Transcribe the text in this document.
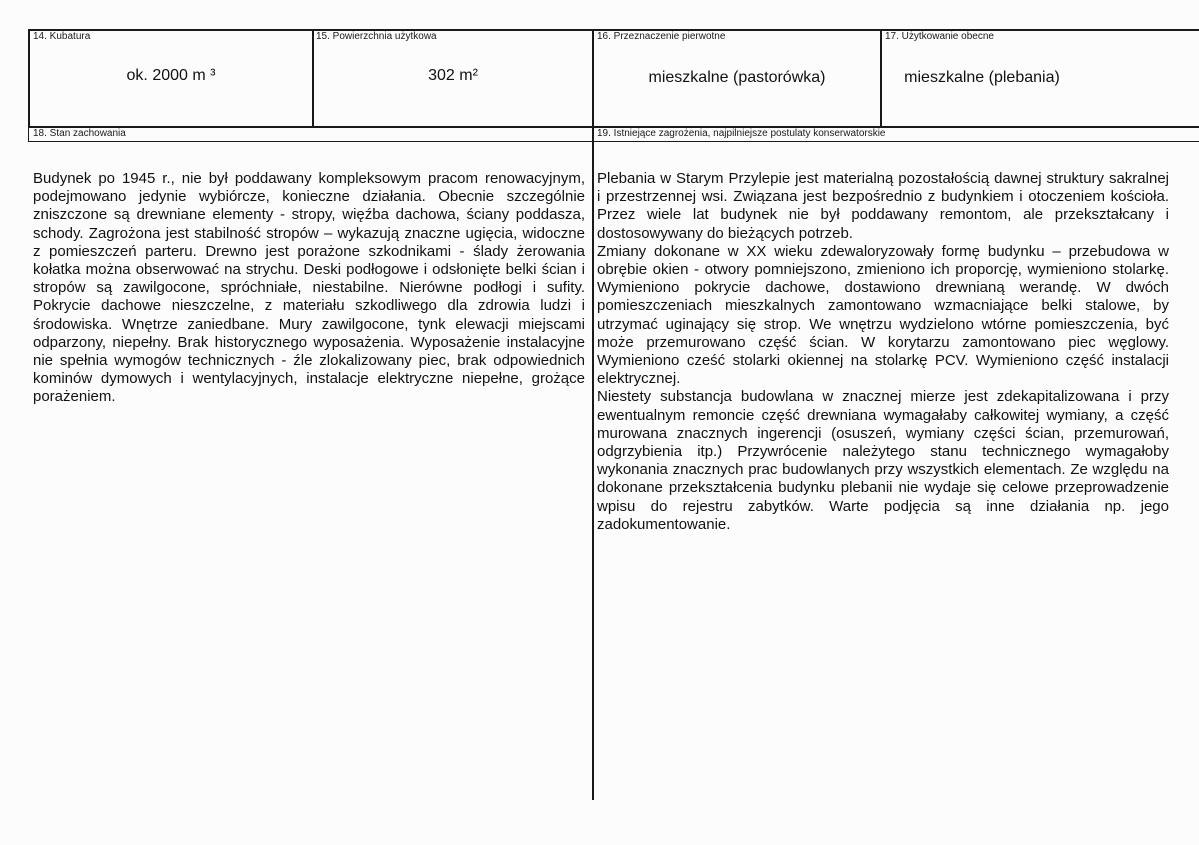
14. Kubatura
ok. 2000 m ³
15. Powierzchnia użytkowa
302 m²
16. Przeznaczenie pierwotne
mieszkalne (pastorówka)
17. Użytkowanie obecne
mieszkalne (plebania)
18. Stan zachowania	19. Istniejące zagrożenia, najpilniejsze postulaty konserwatorskie

Budynek po 1945 r., nie był poddawany kompleksowym pracom renowacyjnym, podejmowano jedynie wybiórcze, konieczne działania. Obecnie szczególnie zniszczone są drewniane elementy - stropy, więźba dachowa, ściany poddasza, schody. Zagrożona jest stabilność stropów – wykazują znaczne ugięcia, widoczne z pomieszczeń parteru. Drewno jest porażone szkodnikami - ślady żerowania kołatka można obserwować na strychu. Deski podłogowe i odsłonięte belki ścian i stropów są zawilgocone, spróchniałe, niestabilne. Nierówne podłogi i sufity. Pokrycie dachowe nieszczelne, z materiału szkodliwego dla zdrowia ludzi i środowiska. Wnętrze zaniedbane. Mury zawilgocone, tynk elewacji miejscami odparzony, niepełny. Brak historycznego wyposażenia. Wyposażenie instalacyjne nie spełnia wymogów technicznych - źle zlokalizowany piec, brak odpowiednich kominów dymowych i wentylacyjnych, instalacje elektryczne niepełne, grożące porażeniem.

Plebania w Starym Przylepie jest materialną pozostałością dawnej struktury sakralnej i przestrzennej wsi. Związana jest bezpośrednio z budynkiem i otoczeniem kościoła. Przez wiele lat budynek nie był poddawany remontom, ale przekształcany i dostosowywany do bieżących potrzeb.

Zmiany dokonane w XX wieku zdewaloryzowały formę budynku – przebudowa w obrębie okien - otwory pomniejszono, zmieniono ich proporcję, wymieniono stolarkę. Wymieniono pokrycie dachowe, dostawiono drewnianą werandę. W dwóch pomieszczeniach mieszkalnych zamontowano wzmacniające belki stalowe, by utrzymać uginający się strop. We wnętrzu wydzielono wtórne pomieszczenia, być może przemurowano część ścian. W korytarzu zamontowano piec węglowy. Wymieniono cześć stolarki okiennej na stolarkę PCV. Wymieniono część instalacji elektrycznej.

Niestety substancja budowlana w znacznej mierze jest zdekapitalizowana i przy ewentualnym remoncie część drewniana wymagałaby całkowitej wymiany, a część murowana znacznych ingerencji (osuszeń, wymiany części ścian, przemurowań, odgrzybienia itp.) Przywrócenie należytego stanu technicznego wymagałoby wykonania znacznych prac budowlanych przy wszystkich elementach. Ze względu na dokonane przekształcenia budynku plebanii nie wydaje się celowe przeprowadzenie wpisu do rejestru zabytków. Warte podjęcia są inne działania np. jego zadokumentowanie.
